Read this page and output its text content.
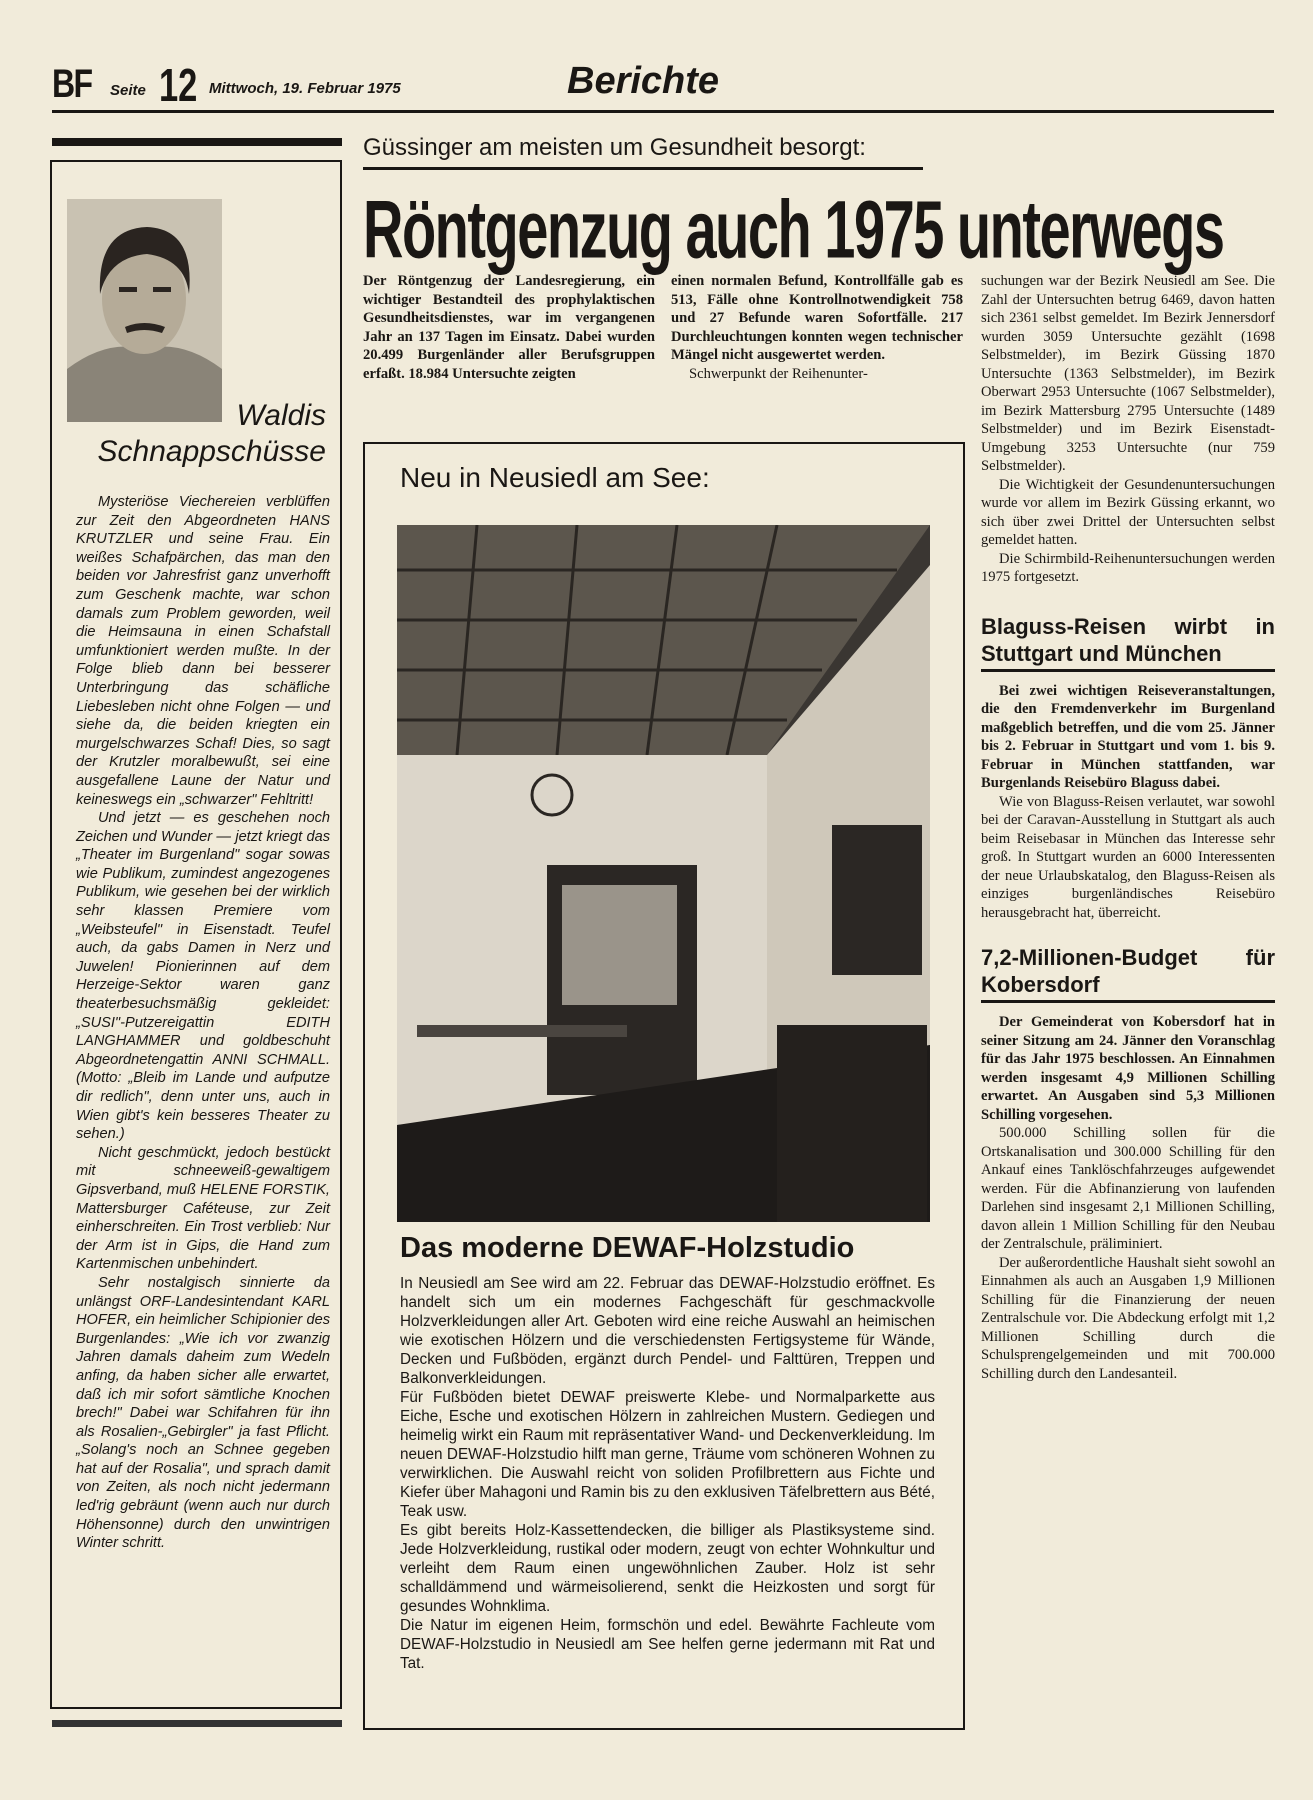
BF Seite 12 Mittwoch, 19. Februar 1975	Berichte
Waldis Schnappschüsse

Mysteriöse Viechereien verblüffen zur Zeit den Abgeordneten HANS KRUTZLER und seine Frau. Ein weißes Schafpärchen, das man den beiden vor Jahresfrist ganz unverhofft zum Geschenk machte, war schon damals zum Problem geworden, weil die Heimsauna in einen Schafstall umfunktioniert werden mußte. In der Folge blieb dann bei besserer Unterbringung das schäfliche Liebesleben nicht ohne Folgen — und siehe da, die beiden kriegten ein murgelschwarzes Schaf! Dies, so sagt der Krutzler moralbewußt, sei eine ausgefallene Laune der Natur und keineswegs ein „schwarzer" Fehltritt!

Und jetzt — es geschehen noch Zeichen und Wunder — jetzt kriegt das „Theater im Burgenland" sogar sowas wie Publikum, zumindest angezogenes Publikum, wie gesehen bei der wirklich sehr klassen Premiere vom „Weibsteufel" in Eisenstadt. Teufel auch, da gabs Damen in Nerz und Juwelen! Pionierinnen auf dem Herzeige-Sektor waren ganz theaterbesuchsmäßig gekleidet: „SUSI"-Putzereigattin EDITH LANGHAMMER und goldbeschuht Abgeordnetengattin ANNI SCHMALL. (Motto: „Bleib im Lande und aufputze dir redlich", denn unter uns, auch in Wien gibt's kein besseres Theater zu sehen.)

Nicht geschmückt, jedoch bestückt mit schneeweiß-gewaltigem Gipsverband, muß HELENE FORSTIK, Mattersburger Caféteuse, zur Zeit einherschreiten. Ein Trost verblieb: Nur der Arm ist in Gips, die Hand zum Kartenmischen unbehindert.

Sehr nostalgisch sinnierte da unlängst ORF-Landesintendant KARL HOFER, ein heimlicher Schipionier des Burgenlandes: „Wie ich vor zwanzig Jahren damals daheim zum Wedeln anfing, da haben sicher alle erwartet, daß ich mir sofort sämtliche Knochen brech!" Dabei war Schifahren für ihn als Rosalien-„Gebirgler" ja fast Pflicht. „Solang's noch an Schnee gegeben hat auf der Rosalia", und sprach damit von Zeiten, als noch nicht jedermann led'rig gebräunt (wenn auch nur durch Höhensonne) durch den unwintrigen Winter schritt.

Güssinger am meisten um Gesundheit besorgt:
Röntgenzug auch 1975 unterwegs
Der Röntgenzug der Landesregierung, ein wichtiger Bestandteil des prophylaktischen Gesundheitsdienstes, war im vergangenen Jahr an 137 Tagen im Einsatz. Dabei wurden 20.499 Burgenländer aller Berufsgruppen erfaßt. 18.984 Untersuchte zeigten

einen normalen Befund, Kontrollfälle gab es 513, Fälle ohne Kontrollnotwendigkeit 758 und 27 Befunde waren Sofortfälle. 217 Durchleuchtungen konnten wegen technischer Mängel nicht ausgewertet werden.

Schwerpunkt der Reihenunter-

suchungen war der Bezirk Neusiedl am See. Die Zahl der Untersuchten betrug 6469, davon hatten sich 2361 selbst gemeldet. Im Bezirk Jennersdorf wurden 3059 Untersuchte gezählt (1698 Selbstmelder), im Bezirk Güssing 1870 Untersuchte (1363 Selbstmelder), im Bezirk Oberwart 2953 Untersuchte (1067 Selbstmelder), im Bezirk Mattersburg 2795 Untersuchte (1489 Selbstmelder) und im Bezirk Eisenstadt-Umgebung 3253 Untersuchte (nur 759 Selbstmelder).

Die Wichtigkeit der Gesundenuntersuchungen wurde vor allem im Bezirk Güssing erkannt, wo sich über zwei Drittel der Untersuchten selbst gemeldet hatten.

Die Schirmbild-Reihenuntersuchungen werden 1975 fortgesetzt.

Blaguss-Reisen wirbt in Stuttgart und München

Bei zwei wichtigen Reiseveranstaltungen, die den Fremdenverkehr im Burgenland maßgeblich betreffen, und die vom 25. Jänner bis 2. Februar in Stuttgart und vom 1. bis 9. Februar in München stattfanden, war Burgenlands Reisebüro Blaguss dabei.

Wie von Blaguss-Reisen verlautet, war sowohl bei der Caravan-Ausstellung in Stuttgart als auch beim Reisebasar in München das Interesse sehr groß. In Stuttgart wurden an 6000 Interessenten der neue Urlaubskatalog, den Blaguss-Reisen als einziges burgenländisches Reisebüro herausgebracht hat, überreicht.

7,2-Millionen-Budget für Kobersdorf

Der Gemeinderat von Kobersdorf hat in seiner Sitzung am 24. Jänner den Voranschlag für das Jahr 1975 beschlossen. An Einnahmen werden insgesamt 4,9 Millionen Schilling erwartet. An Ausgaben sind 5,3 Millionen Schilling vorgesehen.

500.000 Schilling sollen für die Ortskanalisation und 300.000 Schilling für den Ankauf eines Tanklöschfahrzeuges aufgewendet werden. Für die Abfinanzierung von laufenden Darlehen sind insgesamt 2,1 Millionen Schilling, davon allein 1 Million Schilling für den Neubau der Zentralschule, präliminiert.

Der außerordentliche Haushalt sieht sowohl an Einnahmen als auch an Ausgaben 1,9 Millionen Schilling für die Finanzierung der neuen Zentralschule vor. Die Abdeckung erfolgt mit 1,2 Millionen Schilling durch die Schulsprengelgemeinden und mit 700.000 Schilling durch den Landesanteil.

Neu in Neusiedl am See:
Das moderne DEWAF-Holzstudio

In Neusiedl am See wird am 22. Februar das DEWAF-Holzstudio eröffnet. Es handelt sich um ein modernes Fachgeschäft für geschmackvolle Holzverkleidungen aller Art. Geboten wird eine reiche Auswahl an heimischen wie exotischen Hölzern und die verschiedensten Fertigsysteme für Wände, Decken und Fußböden, ergänzt durch Pendel- und Falttüren, Treppen und Balkonverkleidungen.

Für Fußböden bietet DEWAF preiswerte Klebe- und Normalparkette aus Eiche, Esche und exotischen Hölzern in zahlreichen Mustern. Gediegen und heimelig wirkt ein Raum mit repräsentativer Wand- und Deckenverkleidung. Im neuen DEWAF-Holzstudio hilft man gerne, Träume vom schöneren Wohnen zu verwirklichen. Die Auswahl reicht von soliden Profilbrettern aus Fichte und Kiefer über Mahagoni und Ramin bis zu den exklusiven Täfelbrettern aus Bété, Teak usw.

Es gibt bereits Holz-Kassettendecken, die billiger als Plastiksysteme sind. Jede Holzverkleidung, rustikal oder modern, zeugt von echter Wohnkultur und verleiht dem Raum einen ungewöhnlichen Zauber. Holz ist sehr schalldämmend und wärmeisolierend, senkt die Heizkosten und sorgt für gesundes Wohnklima.

Die Natur im eigenen Heim, formschön und edel. Bewährte Fachleute vom DEWAF-Holzstudio in Neusiedl am See helfen gerne jedermann mit Rat und Tat.
